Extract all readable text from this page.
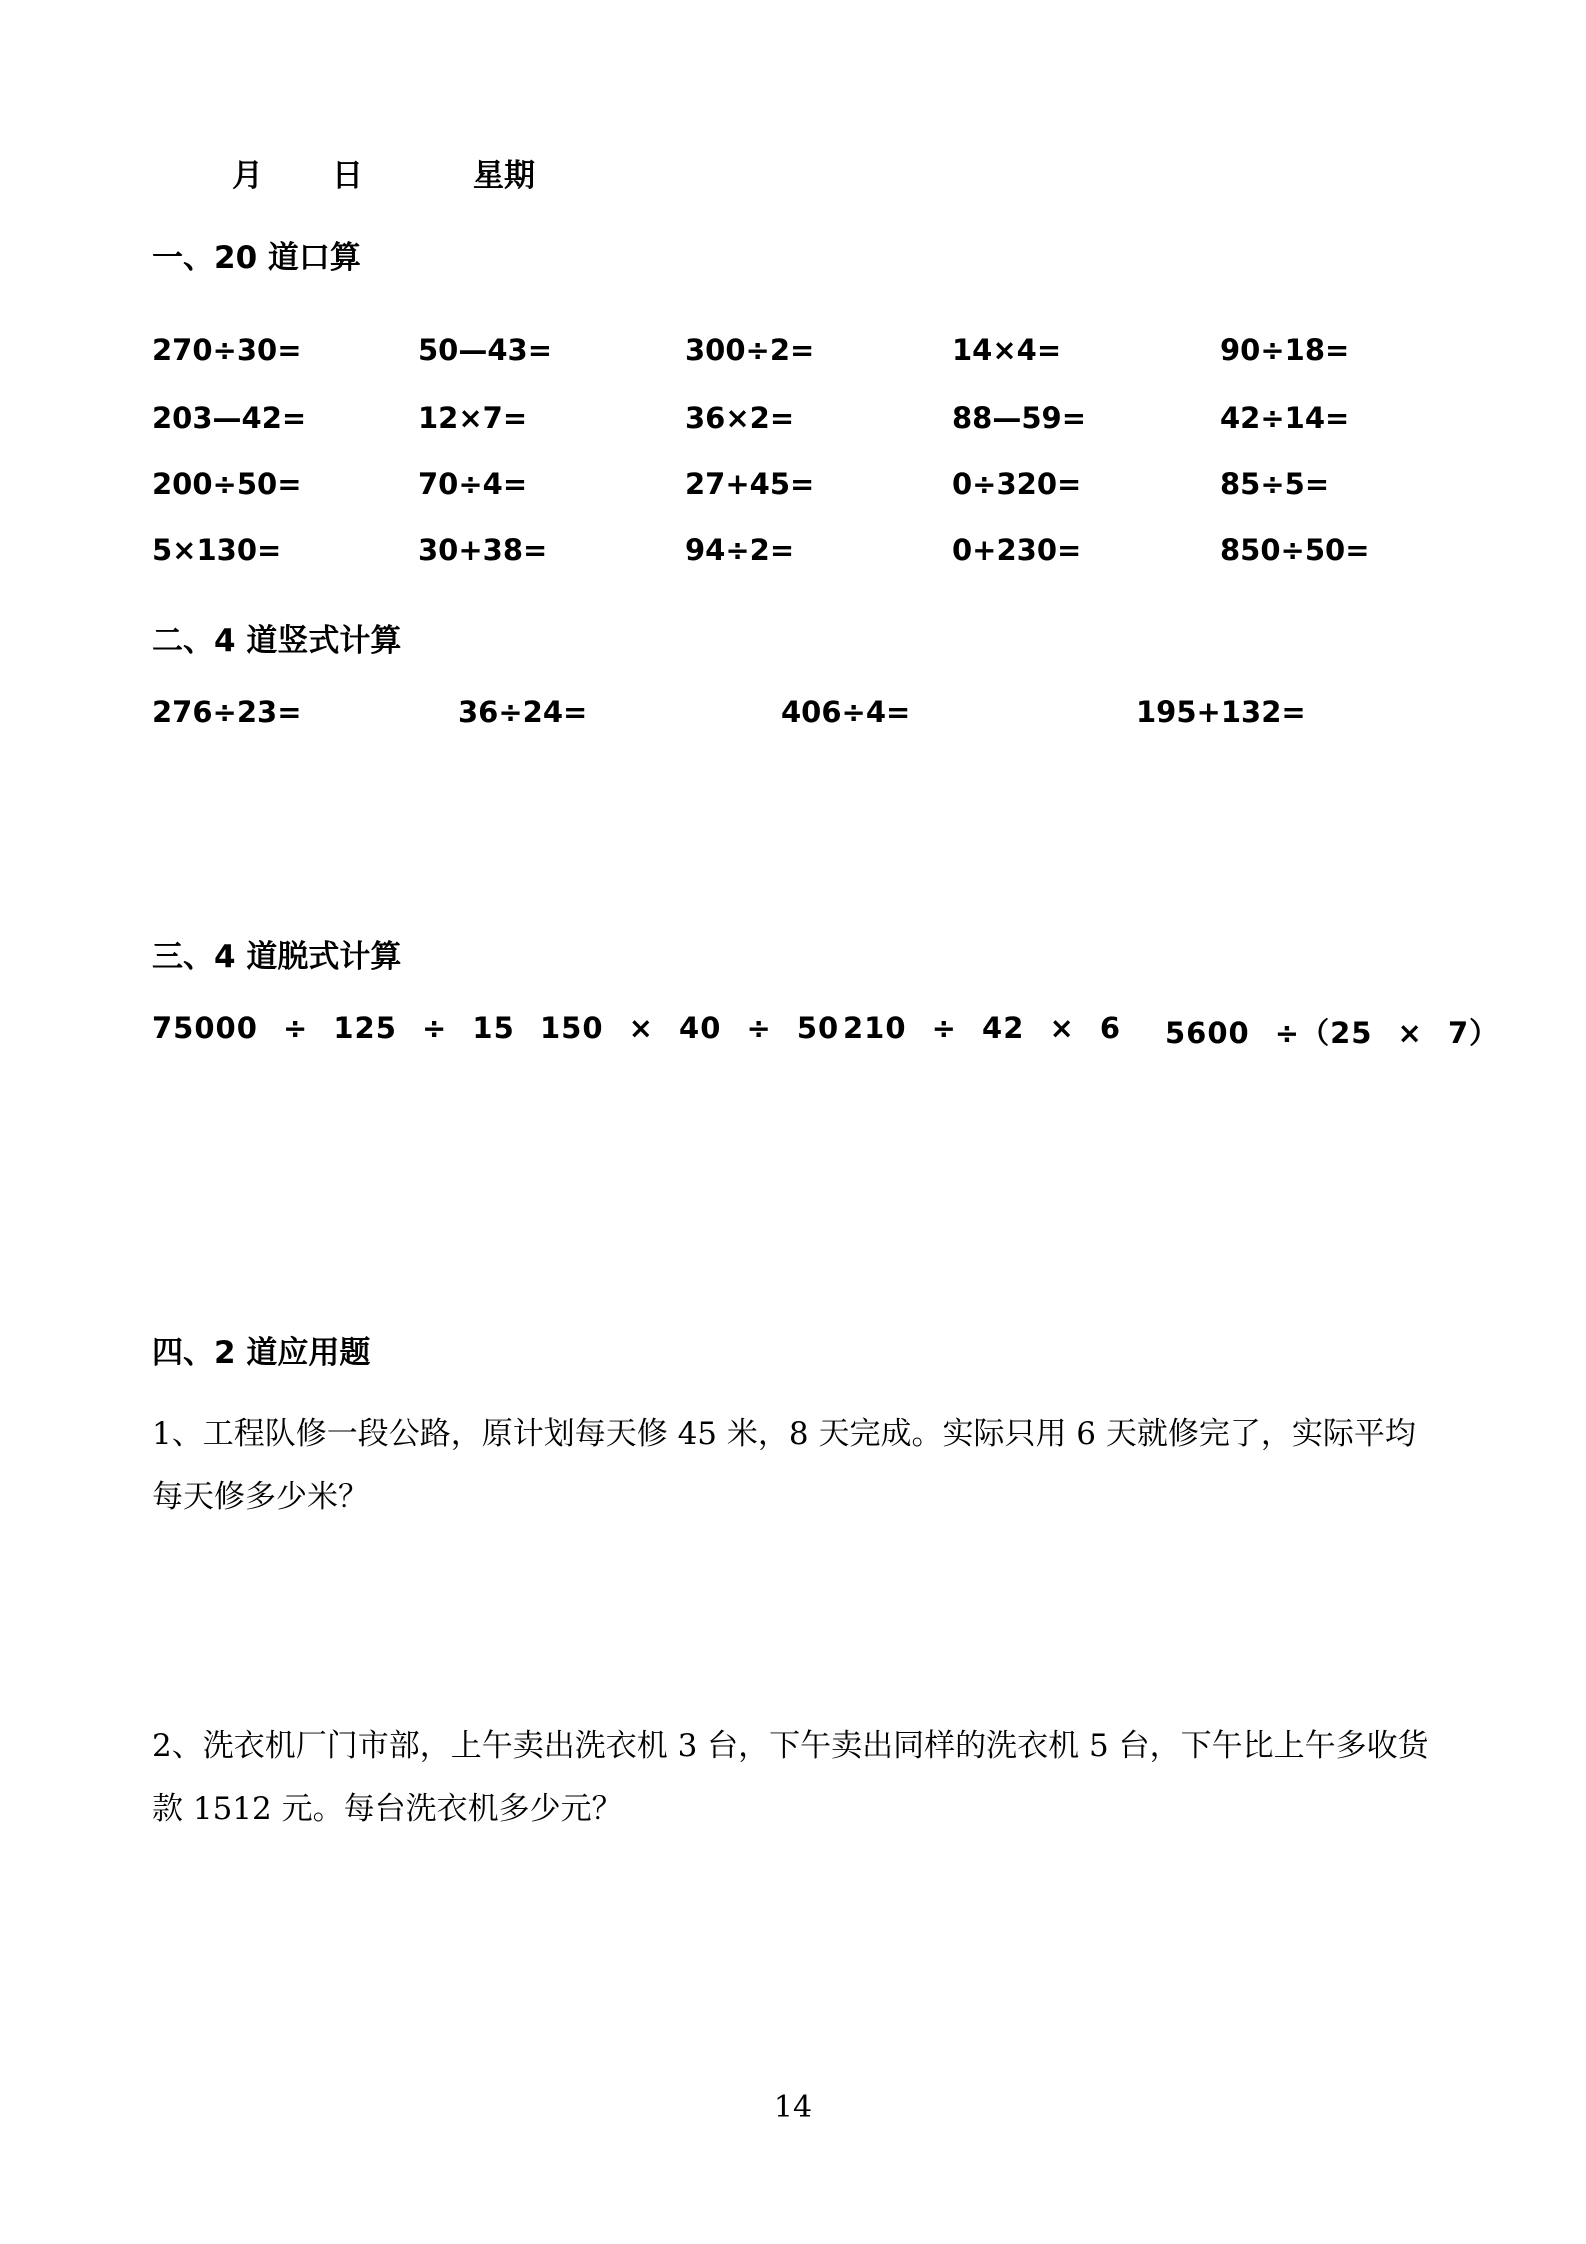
月 日	星期
一、20 道口算
270÷30=	50—43=	300÷2=	14×4=	90÷18=
203—42=	12×7=	36×2=	88—59=	42÷14=
200÷50=	70÷4=	27+45=	0÷320=	85÷5=
5×130=	30+38=	94÷2=	0+230=	850÷50=
二、4 道竖式计算
276÷23=	36÷24=	406÷4=	195+132=
三、4 道脱式计算
75000 ÷ 125 ÷ 15 150 × 40 ÷ 50 210 ÷ 42 × 6 5600 ÷（25 × 7）
四、2 道应用题
1、工程队修一段公路，原计划每天修 45 米，8 天完成。实际只用 6 天就修完了，实际平均每天修多少米？
2、洗衣机厂门市部，上午卖出洗衣机 3 台，下午卖出同样的洗衣机 5 台，下午比上午多收货款 1512 元。每台洗衣机多少元？
14
